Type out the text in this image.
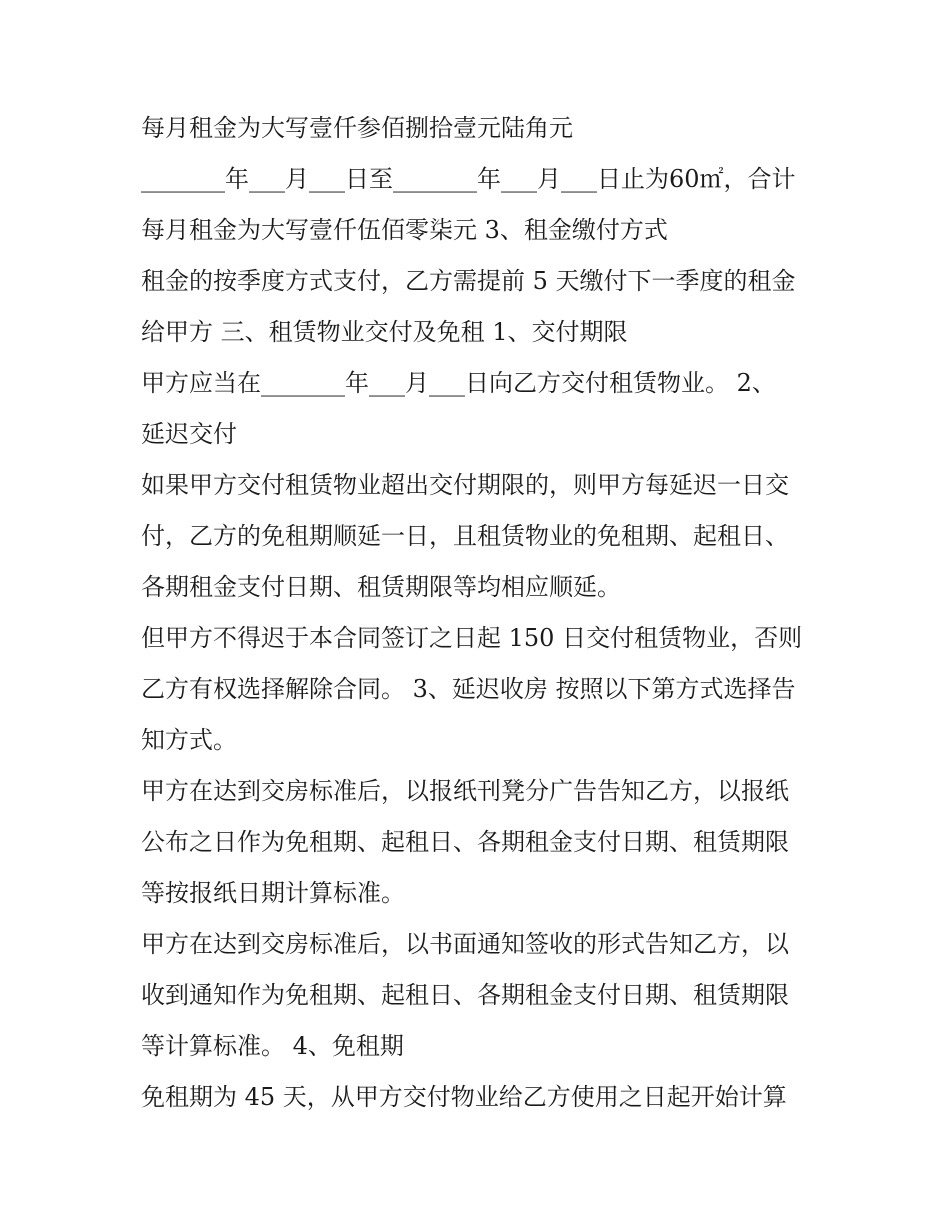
每月租金为大写壹仟参佰捌拾壹元陆角元
_______年___月___日至_______年___月___日止为60㎡，合计
每月租金为大写壹仟伍佰零柒元 3、租金缴付方式
租金的按季度方式支付，乙方需提前 5 天缴付下一季度的租金
给甲方 三、租赁物业交付及免租 1、交付期限
甲方应当在_______年___月___日向乙方交付租赁物业。 2、
延迟交付
如果甲方交付租赁物业超出交付期限的，则甲方每延迟一日交
付，乙方的免租期顺延一日，且租赁物业的免租期、起租日、
各期租金支付日期、租赁期限等均相应顺延。
但甲方不得迟于本合同签订之日起 150 日交付租赁物业，否则
乙方有权选择解除合同。 3、延迟收房 按照以下第方式选择告
知方式。
甲方在达到交房标准后，以报纸刊凳分广告告知乙方，以报纸
公布之日作为免租期、起租日、各期租金支付日期、租赁期限
等按报纸日期计算标准。
甲方在达到交房标准后，以书面通知签收的形式告知乙方，以
收到通知作为免租期、起租日、各期租金支付日期、租赁期限
等计算标准。 4、免租期
免租期为 45 天，从甲方交付物业给乙方使用之日起开始计算
